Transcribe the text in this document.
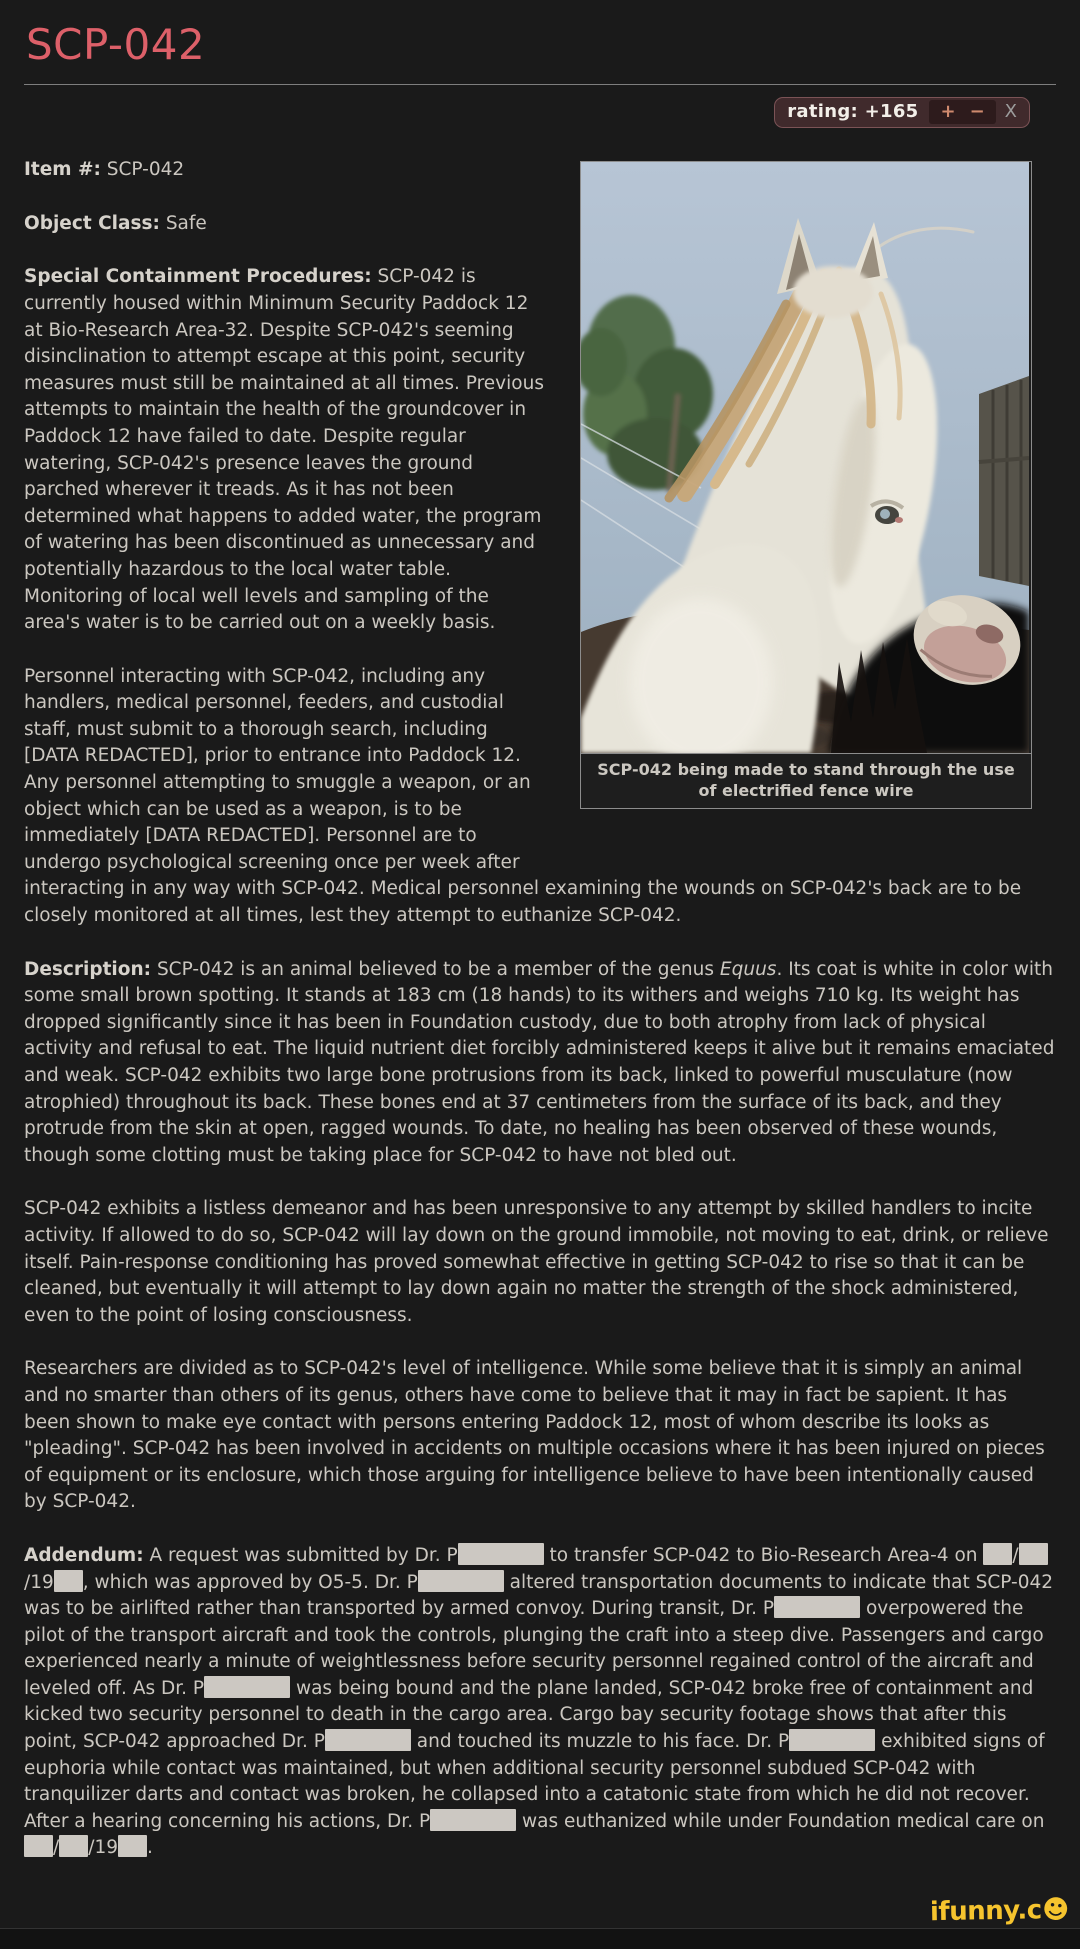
SCP-042
rating: +165	+ −	X
SCP-042 being made to stand through the use of electrified fence wire

Item #: SCP-042

Object Class: Safe

Special Containment Procedures: SCP-042 is currently housed within Minimum Security Paddock 12 at Bio-Research Area-32. Despite SCP-042's seeming disinclination to attempt escape at this point, security measures must still be maintained at all times. Previous attempts to maintain the health of the groundcover in Paddock 12 have failed to date. Despite regular watering, SCP-042's presence leaves the ground parched wherever it treads. As it has not been determined what happens to added water, the program of watering has been discontinued as unnecessary and potentially hazardous to the local water table. Monitoring of local well levels and sampling of the area's water is to be carried out on a weekly basis.

Personnel interacting with SCP-042, including any handlers, medical personnel, feeders, and custodial staff, must submit to a thorough search, including [DATA REDACTED], prior to entrance into Paddock 12. Any personnel attempting to smuggle a weapon, or an object which can be used as a weapon, is to be immediately [DATA REDACTED]. Personnel are to undergo psychological screening once per week after interacting in any way with SCP-042. Medical personnel examining the wounds on SCP-042's back are to be closely monitored at all times, lest they attempt to euthanize SCP-042.

Description: SCP-042 is an animal believed to be a member of the genus Equus. Its coat is white in color with some small brown spotting. It stands at 183 cm (18 hands) to its withers and weighs 710 kg. Its weight has dropped significantly since it has been in Foundation custody, due to both atrophy from lack of physical activity and refusal to eat. The liquid nutrient diet forcibly administered keeps it alive but it remains emaciated and weak. SCP-042 exhibits two large bone protrusions from its back, linked to powerful musculature (now atrophied) throughout its back. These bones end at 37 centimeters from the surface of its back, and they protrude from the skin at open, ragged wounds. To date, no healing has been observed of these wounds, though some clotting must be taking place for SCP-042 to have not bled out.

SCP-042 exhibits a listless demeanor and has been unresponsive to any attempt by skilled handlers to incite activity. If allowed to do so, SCP-042 will lay down on the ground immobile, not moving to eat, drink, or relieve itself. Pain-response conditioning has proved somewhat effective in getting SCP-042 to rise so that it can be cleaned, but eventually it will attempt to lay down again no matter the strength of the shock administered, even to the point of losing consciousness.

Researchers are divided as to SCP-042's level of intelligence. While some believe that it is simply an animal and no smarter than others of its genus, others have come to believe that it may in fact be sapient. It has been shown to make eye contact with persons entering Paddock 12, most of whom describe its looks as "pleading". SCP-042 has been involved in accidents on multiple occasions where it has been injured on pieces of equipment or its enclosure, which those arguing for intelligence believe to have been intentionally caused by SCP-042.

Addendum: A request was submitted by Dr. P	to transfer SCP-042 to Bio-Research Area-4 on //19 , which was approved by O5-5. Dr. P	altered transportation documents to indicate that SCP-042 was to be airlifted rather than transported by armed convoy. During transit, Dr. P	overpowered the pilot of the transport aircraft and took the controls, plunging the craft into a steep dive. Passengers and cargo experienced nearly a minute of weightlessness before security personnel regained control of the aircraft and leveled off. As Dr. P	was being bound and the plane landed, SCP-042 broke free of containment and kicked two security personnel to death in the cargo area. Cargo bay security footage shows that after this point, SCP-042 approached Dr. P	and touched its muzzle to his face. Dr. P	exhibited signs of euphoria while contact was maintained, but when additional security personnel subdued SCP-042 with tranquilizer darts and contact was broken, he collapsed into a catatonic state from which he did not recover. After a hearing concerning his actions, Dr. P	was euthanized while under Foundation medical care on / /19 .

ifunny.c☻
